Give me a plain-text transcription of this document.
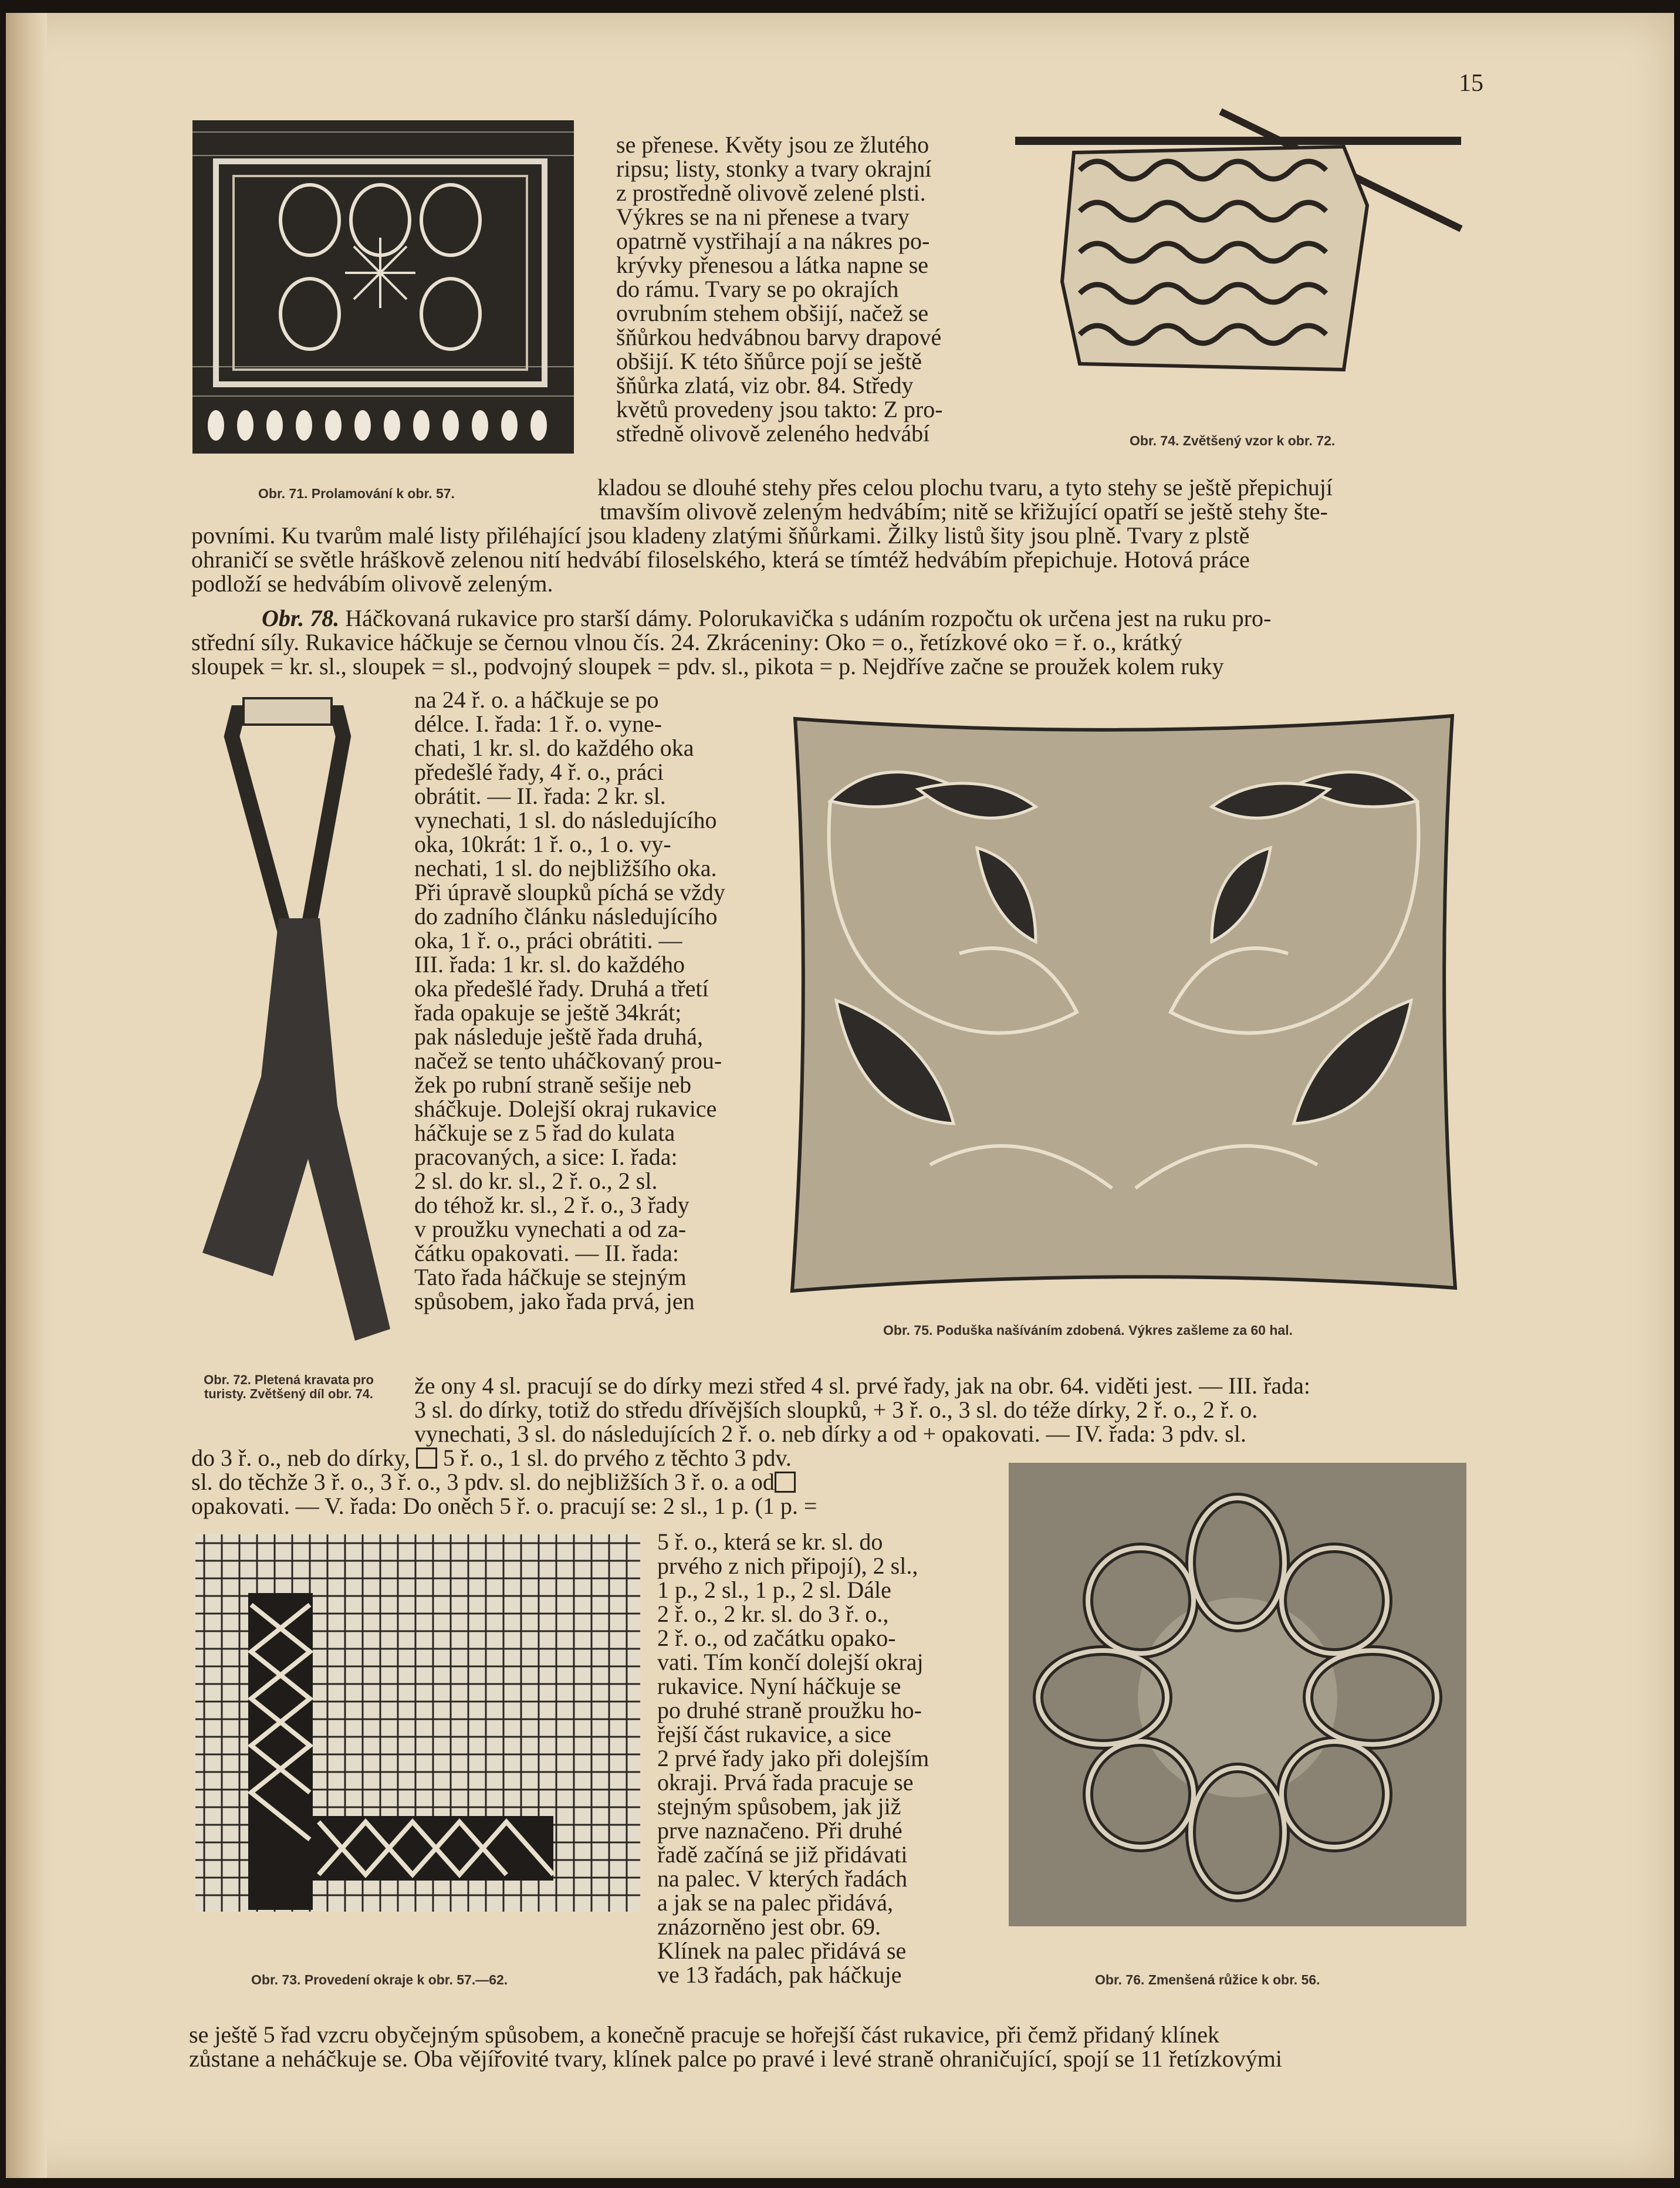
15
Obr. 71. Prolamování k obr. 57.
Obr. 74. Zvětšený vzor k obr. 72.
se přenese. Květy jsou ze žlutého
ripsu; listy, stonky a tvary okrajní
z prostředně olivově zelené plsti.
Výkres se na ni přenese a tvary
opatrně vystřihají a na nákres po-
krývky přenesou a látka napne se
do rámu. Tvary se po okrajích
ovrubním stehem obšijí, načež se
šňůrkou hedvábnou barvy drapové
obšijí. K této šňůrce pojí se ještě
šňůrka zlatá, viz obr. 84. Středy
květů provedeny jsou takto: Z pro-
středně olivově zeleného hedvábí
kladou se dlouhé stehy přes celou plochu tvaru, a tyto stehy se ještě přepichují
tmavším olivově zeleným hedvábím; nitě se křižující opatří se ještě stehy šte-
povními. Ku tvarům malé listy přiléhající jsou kladeny zlatými šňůrkami. Žilky listů šity jsou plně. Tvary z plstě
ohraničí se světle hráškově zelenou nití hedvábí filoselského, která se tímtéž hedvábím přepichuje. Hotová práce
podloží se hedvábím olivově zeleným.
Obr. 78. Háčkovaná rukavice pro starší dámy. Polorukavička s udáním rozpočtu ok určena jest na ruku pro-
střední síly. Rukavice háčkuje se černou vlnou čís. 24. Zkráceniny: Oko = o., řetízkové oko = ř. o., krátký
sloupek = kr. sl., sloupek = sl., podvojný sloupek = pdv. sl., pikota = p. Nejdříve začne se proužek kolem ruky
Obr. 72. Pletená kravata pro turisty. Zvětšený díl obr. 74.
na 24 ř. o. a háčkuje se po
délce. I. řada: 1 ř. o. vyne-
chati, 1 kr. sl. do každého oka
předešlé řady, 4 ř. o., práci
obrátit. — II. řada: 2 kr. sl.
vynechati, 1 sl. do následujícího
oka, 10krát: 1 ř. o., 1 o. vy-
nechati, 1 sl. do nejbližšího oka.
Při úpravě sloupků píchá se vždy
do zadního článku následujícího
oka, 1 ř. o., práci obrátiti. —
III. řada: 1 kr. sl. do každého
oka předešlé řady. Druhá a třetí
řada opakuje se ještě 34krát;
pak následuje ještě řada druhá,
načež se tento uháčkovaný prou-
žek po rubní straně sešije neb
sháčkuje. Dolejší okraj rukavice
háčkuje se z 5 řad do kulata
pracovaných, a sice: I. řada:
2 sl. do kr. sl., 2 ř. o., 2 sl.
do téhož kr. sl., 2 ř. o., 3 řady
v proužku vynechati a od za-
čátku opakovati. — II. řada:
Tato řada háčkuje se stejným
spůsobem, jako řada prvá, jen
Obr. 75. Poduška našíváním zdobená. Výkres zašleme za 60 hal.
že ony 4 sl. pracují se do dírky mezi střed 4 sl. prvé řady, jak na obr. 64. viděti jest. — III. řada:
3 sl. do dírky, totiž do středu dřívějších sloupků, + 3 ř. o., 3 sl. do téže dírky, 2 ř. o., 2 ř. o.
vynechati, 3 sl. do následujících 2 ř. o. neb dírky a od + opakovati. — IV. řada: 3 pdv. sl.
do 3 ř. o., neb do dírky,  5 ř. o., 1 sl. do prvého z těchto 3 pdv.
sl. do těchže 3 ř. o., 3 ř. o., 3 pdv. sl. do nejbližších 3 ř. o. a od
opakovati. — V. řada: Do oněch 5 ř. o. pracují se: 2 sl., 1 p. (1 p. =
Obr. 73. Provedení okraje k obr. 57.—62.
5 ř. o., která se kr. sl. do
prvého z nich připojí), 2 sl.,
1 p., 2 sl., 1 p., 2 sl. Dále
2 ř. o., 2 kr. sl. do 3 ř. o.,
2 ř. o., od začátku opako-
vati. Tím končí dolejší okraj
rukavice. Nyní háčkuje se
po druhé straně proužku ho-
řejší část rukavice, a sice
2 prvé řady jako při dolejším
okraji. Prvá řada pracuje se
stejným spůsobem, jak již
prve naznačeno. Při druhé
řadě začíná se již přidávati
na palec. V kterých řadách
a jak se na palec přidává,
znázorněno jest obr. 69.
Klínek na palec přidává se
ve 13 řadách, pak háčkuje	Obr. 76. Zmenšená růžice k obr. 56.
se ještě 5 řad vzcru obyčejným spůsobem, a konečně pracuje se hořejší část rukavice, při čemž přidaný klínek
zůstane a neháčkuje se. Oba vějířovité tvary, klínek palce po pravé i levé straně ohraničující, spojí se 11 řetízkovými
